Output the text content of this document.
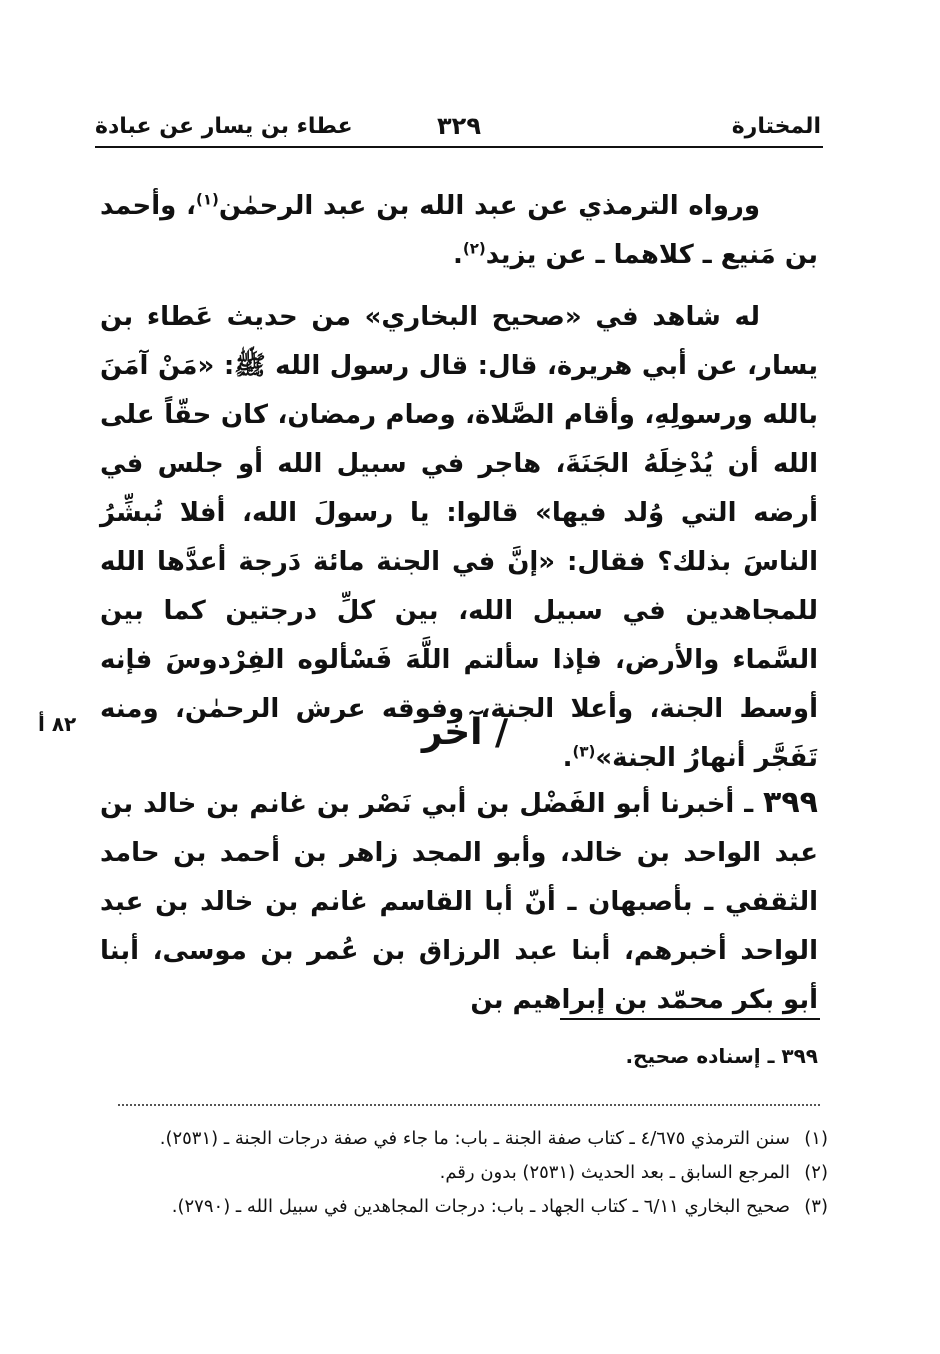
المختارة
٣٢٩
عطاء بن يسار عن عبادة
ورواه الترمذي عن عبد الله بن عبد الرحمٰن$^{(١)}$، وأحمد بن مَنيع ـ كلاهما ـ عن يزيد$^{(٢)}$.
له شاهد في «صحيح البخاري» من حديث عَطاء بن يسار، عن أبي هريرة، قال: قال رسول الله ﷺ: «مَنْ آمَنَ بالله ورسولِهِ، وأقام الصَّلاة، وصام رمضان، كان حقّاً على الله أن يُدْخِلَهُ الجَنَةَ، هاجر في سبيل الله أو جلس في أرضه التي وُلد فيها» قالوا: يا رسولَ الله، أفلا نُبشِّرُ الناسَ بذلك؟ فقال: «إنَّ في الجنة مائة دَرجة أعدَّها الله للمجاهدين في سبيل الله، بين كلِّ درجتين كما بين السَّماء والأرض، فإذا سألتم اللَّهَ فَسْألوه الفِرْدوسَ فإنه أوسط الجنة، وأعلا الجنة، وفوقه عرش الرحمٰن، ومنه تَفَجَّر أنهارُ الجنة»$^{(٣)}$.
٨٢ أ	/ آخر
٣٩٩ ـ أخبرنا أبو الفَضْل بن أبي نَصْر بن غانم بن خالد بن عبد الواحد بن خالد، وأبو المجد زاهر بن أحمد بن حامد الثقفي ـ بأصبهان ـ أنّ أبا القاسم غانم بن خالد بن عبد الواحد أخبرهم، أبنا عبد الرزاق بن عُمر بن موسى، أبنا أبو بكر محمّد بن إبراهيم بن
٣٩٩ ـ إسناده صحيح.
(١)
سنن الترمذي ٤/٦٧٥ ـ كتاب صفة الجنة ـ باب: ما جاء في صفة درجات الجنة ـ (٢٥٣١).
(٢)
المرجع السابق ـ بعد الحديث (٢٥٣١) بدون رقم.
(٣)
صحيح البخاري ٦/١١ ـ كتاب الجهاد ـ باب: درجات المجاهدين في سبيل الله ـ (٢٧٩٠).
